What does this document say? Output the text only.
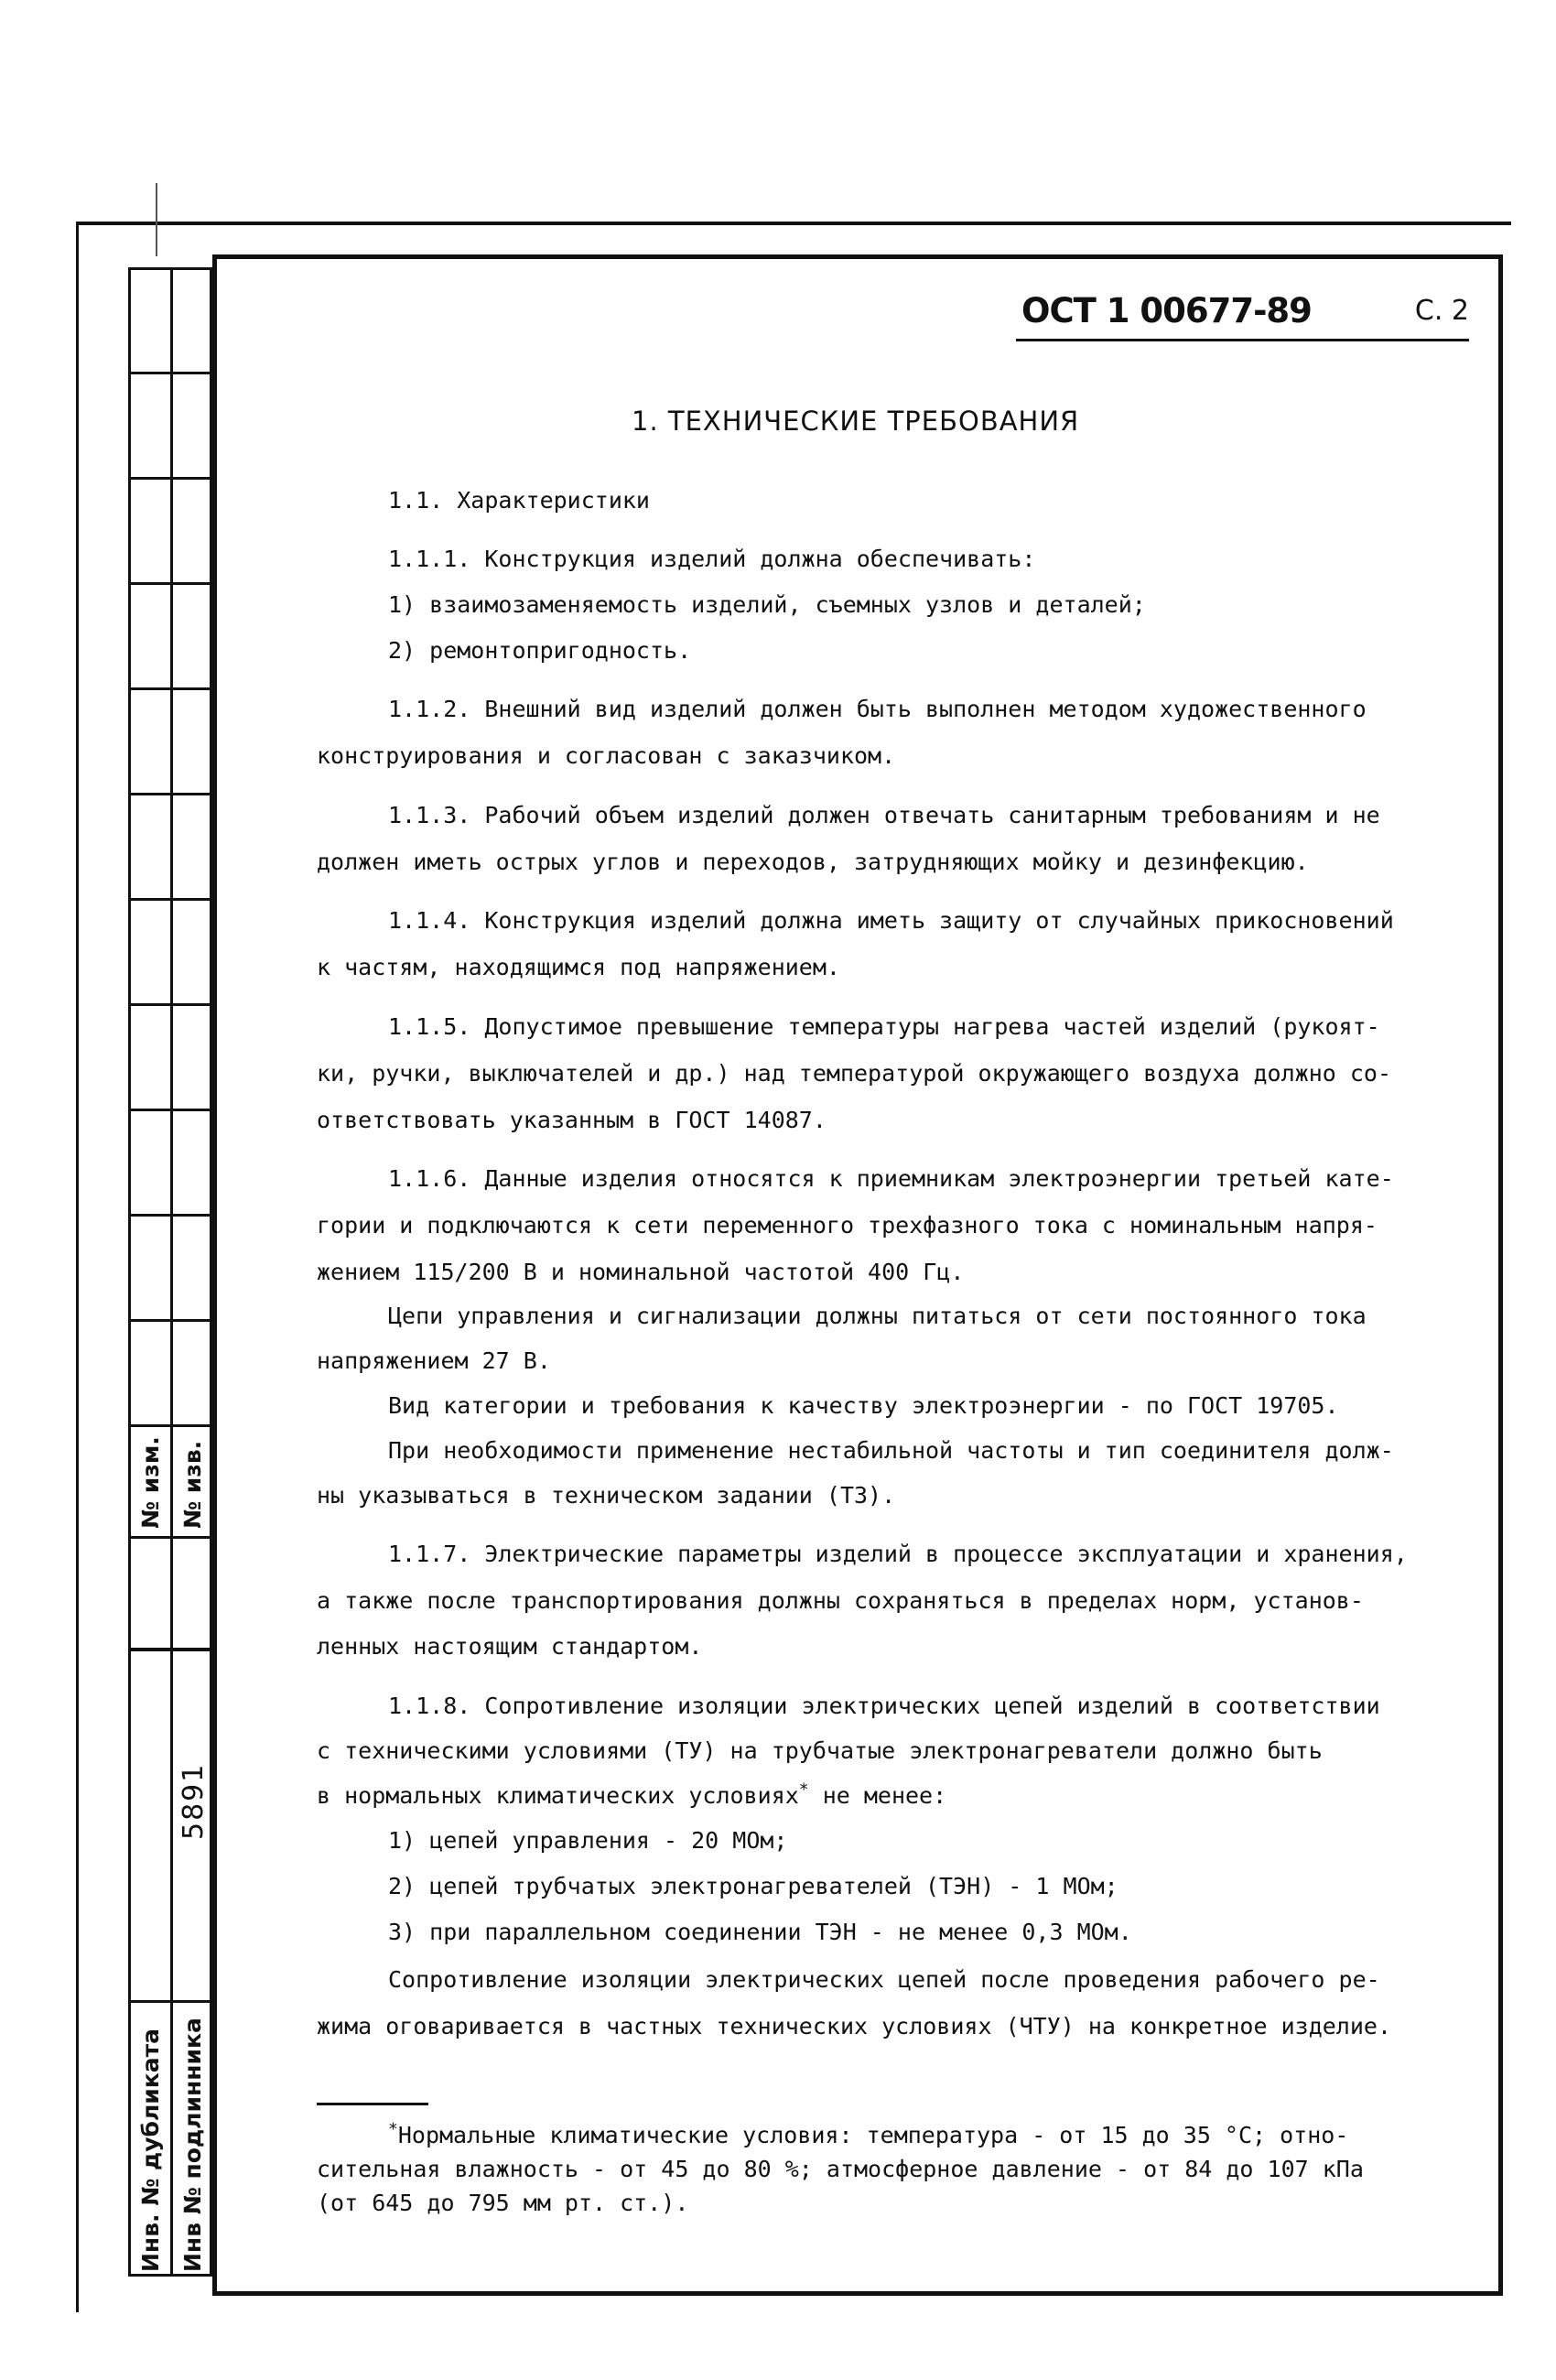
№ изм. № изв.
5891
Инв. № дубликата Инв № подлинника
ОСТ 1 00677-89	С. 2
1. ТЕХНИЧЕСКИЕ ТРЕБОВАНИЯ
1.1. Характеристики
1.1.1. Конструкция изделий должна обеспечивать:
1) взаимозаменяемость изделий, съемных узлов и деталей;
2) ремонтопригодность.
1.1.2. Внешний вид изделий должен быть выполнен методом художественного
конструирования и согласован с заказчиком.
1.1.3. Рабочий объем изделий должен отвечать санитарным требованиям и не
должен иметь острых углов и переходов, затрудняющих мойку и дезинфекцию.
1.1.4. Конструкция изделий должна иметь защиту от случайных прикосновений
к частям, находящимся под напряжением.
1.1.5. Допустимое превышение температуры нагрева частей изделий (рукоят-
ки, ручки, выключателей и др.) над температурой окружающего воздуха должно со-
ответствовать указанным в ГОСТ 14087.
1.1.6. Данные изделия относятся к приемникам электроэнергии третьей кате-
гории и подключаются к сети переменного трехфазного тока с номинальным напря-
жением 115/200 В и номинальной частотой 400 Гц.
Цепи управления и сигнализации должны питаться от сети постоянного тока
напряжением 27 В.
Вид категории и требования к качеству электроэнергии - по ГОСТ 19705.
При необходимости применение нестабильной частоты и тип соединителя долж-
ны указываться в техническом задании (ТЗ).
1.1.7. Электрические параметры изделий в процессе эксплуатации и хранения,
а также после транспортирования должны сохраняться в пределах норм, установ-
ленных настоящим стандартом.
1.1.8. Сопротивление изоляции электрических цепей изделий в соответствии
с техническими условиями (ТУ) на трубчатые электронагреватели должно быть
в нормальных климатических условиях* не менее:
1) цепей управления - 20 МОм;
2) цепей трубчатых электронагревателей (ТЭН) - 1 МОм;
3) при параллельном соединении ТЭН - не менее 0,3 МОм.
Сопротивление изоляции электрических цепей после проведения рабочего ре-
жима оговаривается в частных технических условиях (ЧТУ) на конкретное изделие.
*Нормальные климатические условия: температура - от 15 до 35 °С; отно-
сительная влажность - от 45 до 80 %; атмосферное давление - от 84 до 107 кПа
(от 645 до 795 мм рт. ст.).
